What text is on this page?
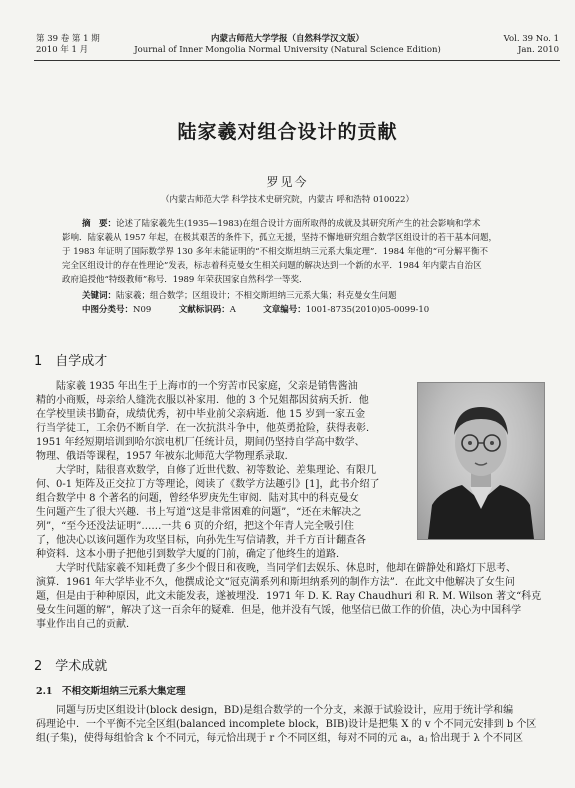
第 39 卷 第 1 期
2010 年 1 月
内蒙古师范大学学报（自然科学汉文版）
Journal of Inner Mongolia Normal University (Natural Science Edition)
Vol. 39 No. 1
Jan. 2010
陆家羲对组合设计的贡献
罗见今
（内蒙古师范大学 科学技术史研究院，内蒙古 呼和浩特 010022）
摘　要：论述了陆家羲先生(1935—1983)在组合设计方面所取得的成就及其研究所产生的社会影响和学术
影响．陆家羲从 1957 年起，在极其艰苦的条件下，孤立无援，坚持不懈地研究组合数学区组设计的若干基本问题，
于 1983 年证明了国际数学界 130 多年未能证明的“不相交斯坦纳三元系大集定理”．1984 年他的“可分解平衡不
完全区组设计的存在性理论”发表，标志着科克曼女生相关问题的解决达到一个新的水平．1984 年内蒙古自治区
政府追授他“特级教师”称号．1989 年荣获国家自然科学一等奖．
关键词：陆家羲；组合数学；区组设计；不相交斯坦纳三元系大集；科克曼女生问题
中图分类号：N09	文献标识码：A	文章编号：1001-8735(2010)05-0099-10
1　自学成才
陆家羲 1935 年出生于上海市的一个穷苦市民家庭，父亲是销售酱油
精的小商贩，母亲给人缝洗衣服以补家用．他的 3 个兄姐都因贫病夭折．他
在学校里读书勤奋，成绩优秀，初中毕业前父亲病逝．他 15 岁到一家五金
行当学徒工，工余仍不断自学．在一次抗洪斗争中，他英勇抢险，获得表彰．
1951 年经短期培训到哈尔滨电机厂任统计员，期间仍坚持自学高中数学、
物理、俄语等课程，1957 年被东北师范大学物理系录取．
大学时，陆很喜欢数学，自修了近世代数、初等数论、差集理论、有限几
何、0-1 矩阵及正交拉丁方等理论，阅读了《数学方法趣引》[1]，此书介绍了
组合数学中 8 个著名的问题，曾经华罗庚先生审阅．陆对其中的科克曼女
生问题产生了很大兴趣．书上写道“这是非常困难的问题”，“还在未解决之
列”，“至今还没法证明”……一共 6 页的介绍，把这个年青人完全吸引住
了，他决心以该问题作为攻坚目标，向孙先生写信请教，并千方百计翻查各
种资料．这本小册子把他引到数学大厦的门前，确定了他终生的道路．
大学时代陆家羲不知耗费了多少个假日和夜晚，当同学们去娱乐、休息时，他却在僻静处和路灯下思考、
演算．1961 年大学毕业不久，他撰成论文“冠克満系列和斯坦纳系列的制作方法”．在此文中他解决了女生问
题，但是由于种种原因，此文未能发表，遂被埋没．1971 年 D. K. Ray Chaudhuri 和 R. M. Wilson 著文“科克
曼女生问题的解”，解决了这一百余年的疑难．但是，他并没有气馁，他坚信已做工作的价值，决心为中国科学
事业作出自己的贡献．
2　学术成就
2.1　不相交斯坦纳三元系大集定理
同题与历史区组设计(block design，BD)是组合数学的一个分支，来源于试验设计，应用于统计学和编
码理论中．一个平衡不完全区组(balanced incomplete block，BIB)设计是把集 X 的 v 个不同元安排到 b 个区
组(子集)，使得每组恰含 k 个不同元，每元恰出现于 r 个不同区组，每对不同的元 aᵢ，aⱼ 恰出现于 λ 个不同区
